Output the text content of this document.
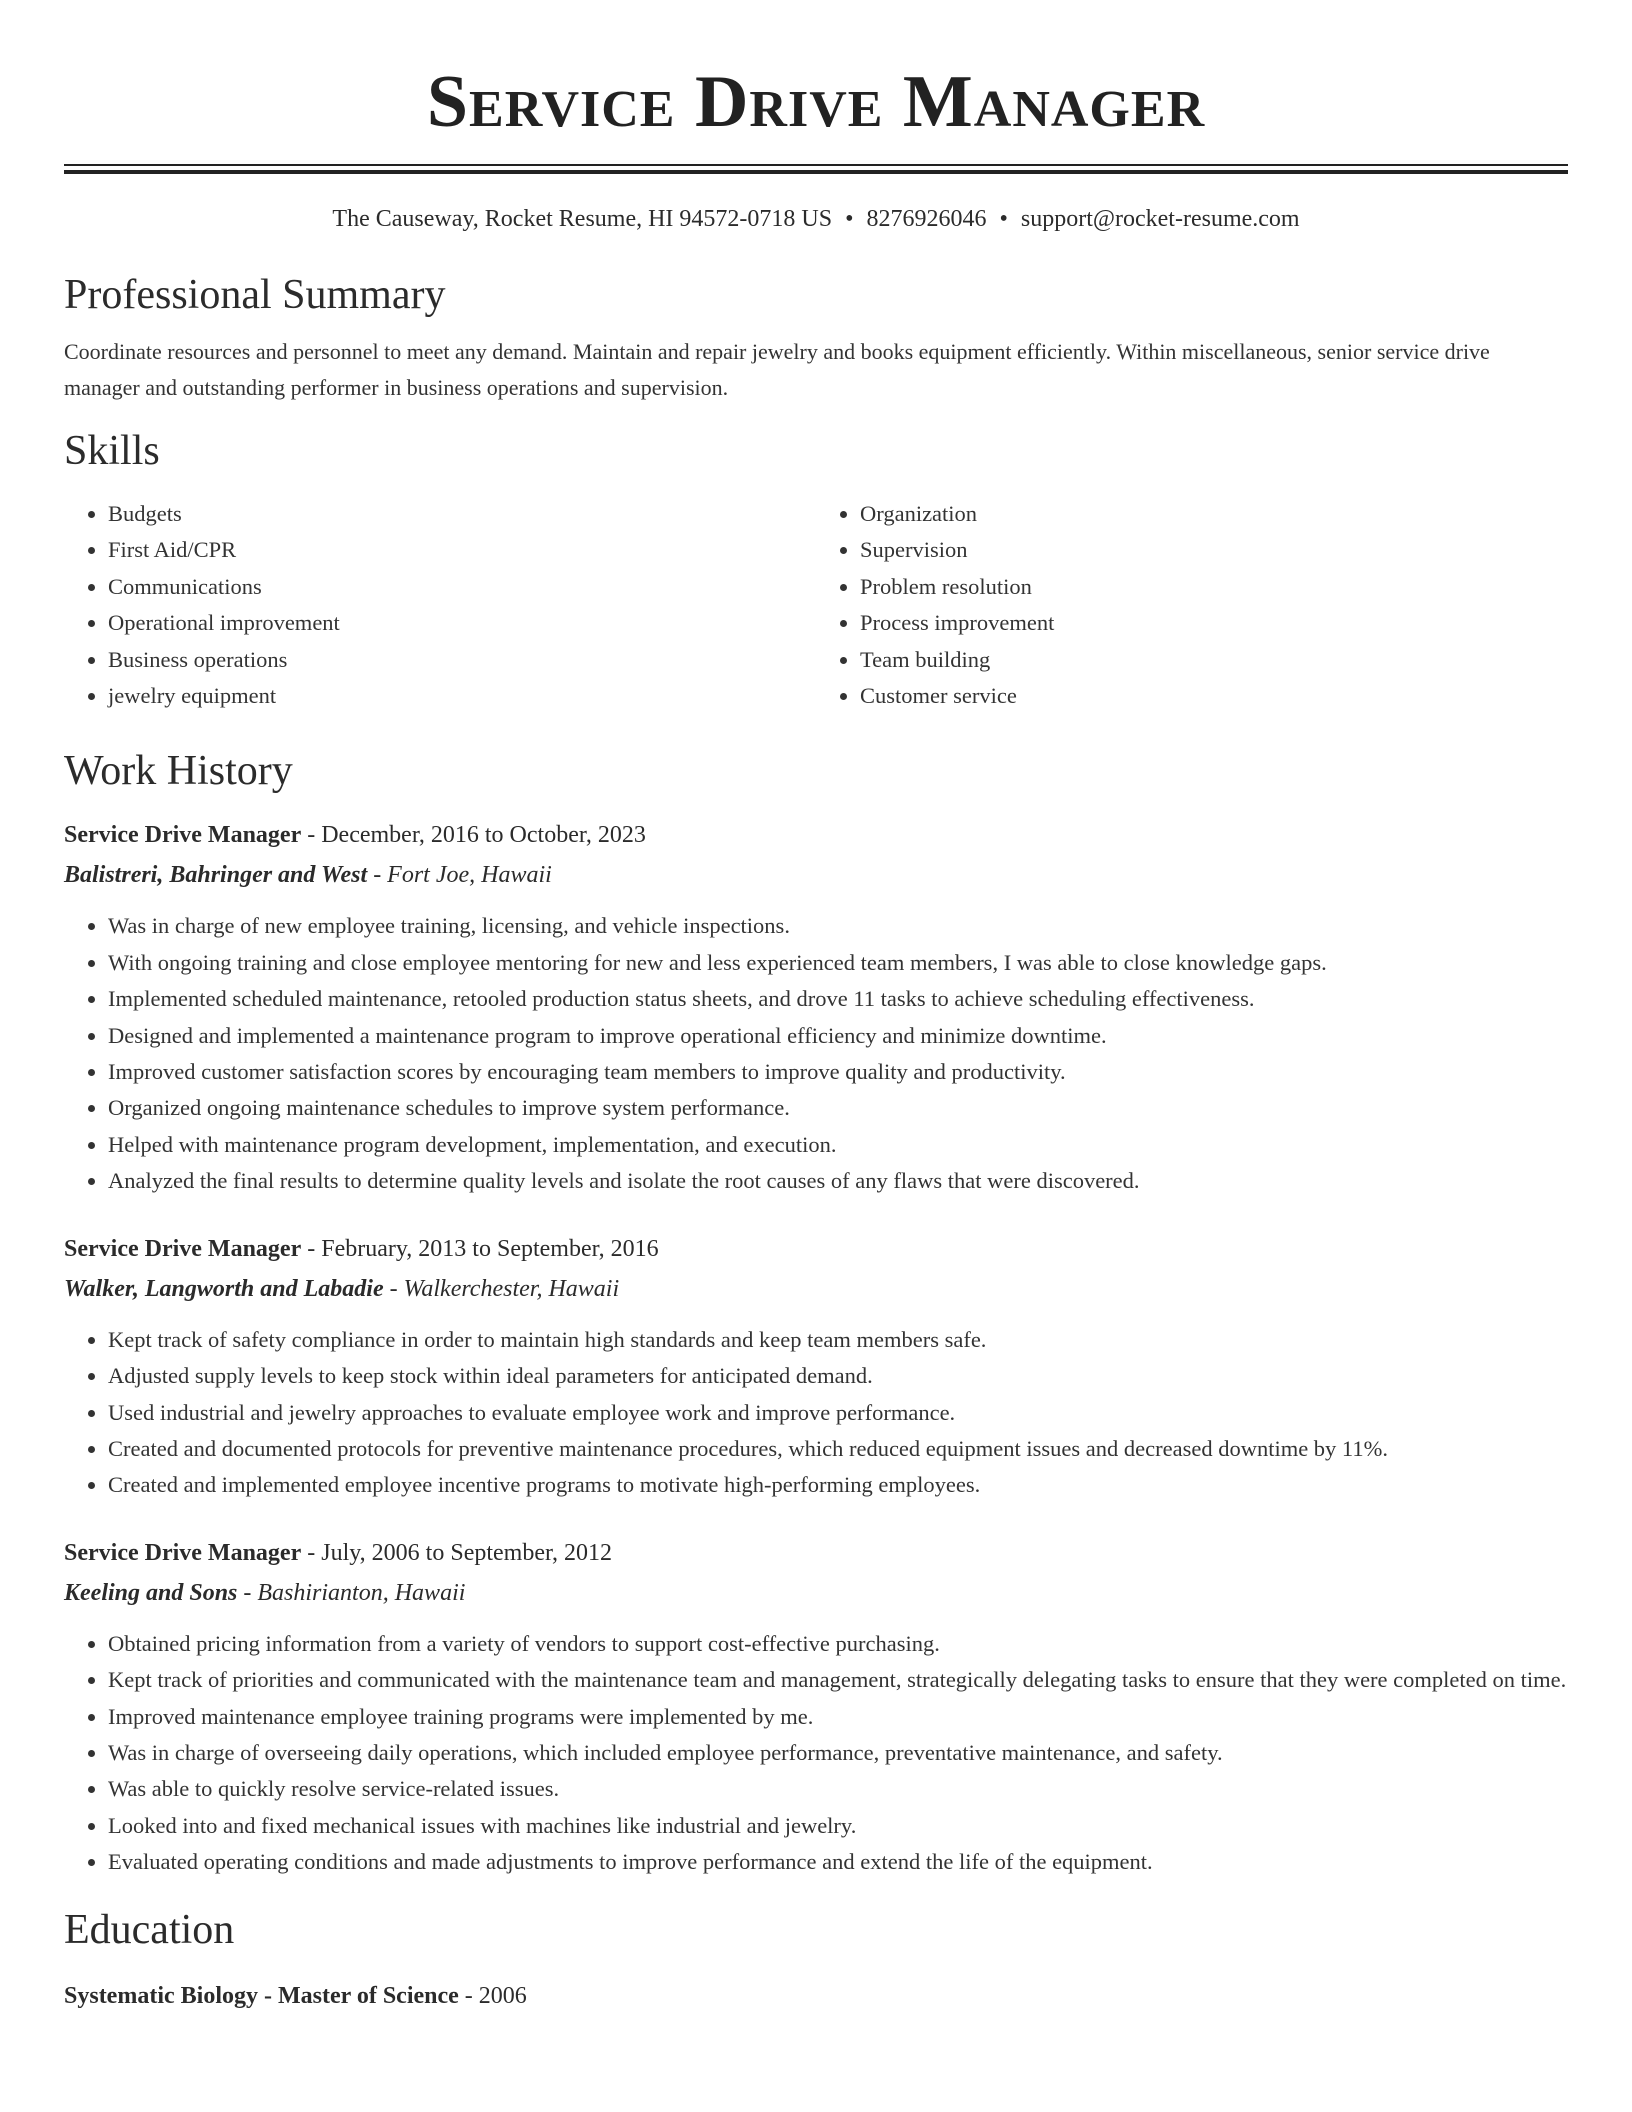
Service Drive Manager
The Causeway, Rocket Resume, HI 94572-0718 US • 8276926046 • support@rocket-resume.com
Professional Summary

Coordinate resources and personnel to meet any demand. Maintain and repair jewelry and books equipment efficiently. Within miscellaneous, senior service drive manager and outstanding performer in business operations and supervision.

Skills
• Budgets
• First Aid/CPR
• Communications
• Operational improvement
• Business operations
• jewelry equipment
• Organization
• Supervision
• Problem resolution
• Process improvement
• Team building
• Customer service
Work History
Service Drive Manager - December, 2016 to October, 2023
Balistreri, Bahringer and West - Fort Joe, Hawaii
• Was in charge of new employee training, licensing, and vehicle inspections.
• With ongoing training and close employee mentoring for new and less experienced team members, I was able to close knowledge gaps.
• Implemented scheduled maintenance, retooled production status sheets, and drove 11 tasks to achieve scheduling effectiveness.
• Designed and implemented a maintenance program to improve operational efficiency and minimize downtime.
• Improved customer satisfaction scores by encouraging team members to improve quality and productivity.
• Organized ongoing maintenance schedules to improve system performance.
• Helped with maintenance program development, implementation, and execution.
• Analyzed the final results to determine quality levels and isolate the root causes of any flaws that were discovered.
Service Drive Manager - February, 2013 to September, 2016
Walker, Langworth and Labadie - Walkerchester, Hawaii
• Kept track of safety compliance in order to maintain high standards and keep team members safe.
• Adjusted supply levels to keep stock within ideal parameters for anticipated demand.
• Used industrial and jewelry approaches to evaluate employee work and improve performance.
• Created and documented protocols for preventive maintenance procedures, which reduced equipment issues and decreased downtime by 11%.
• Created and implemented employee incentive programs to motivate high-performing employees.
Service Drive Manager - July, 2006 to September, 2012
Keeling and Sons - Bashirianton, Hawaii
• Obtained pricing information from a variety of vendors to support cost-effective purchasing.
• Kept track of priorities and communicated with the maintenance team and management, strategically delegating tasks to ensure that they were completed on time.
• Improved maintenance employee training programs were implemented by me.
• Was in charge of overseeing daily operations, which included employee performance, preventative maintenance, and safety.
• Was able to quickly resolve service-related issues.
• Looked into and fixed mechanical issues with machines like industrial and jewelry.
• Evaluated operating conditions and made adjustments to improve performance and extend the life of the equipment.
Education
Systematic Biology - Master of Science - 2006
